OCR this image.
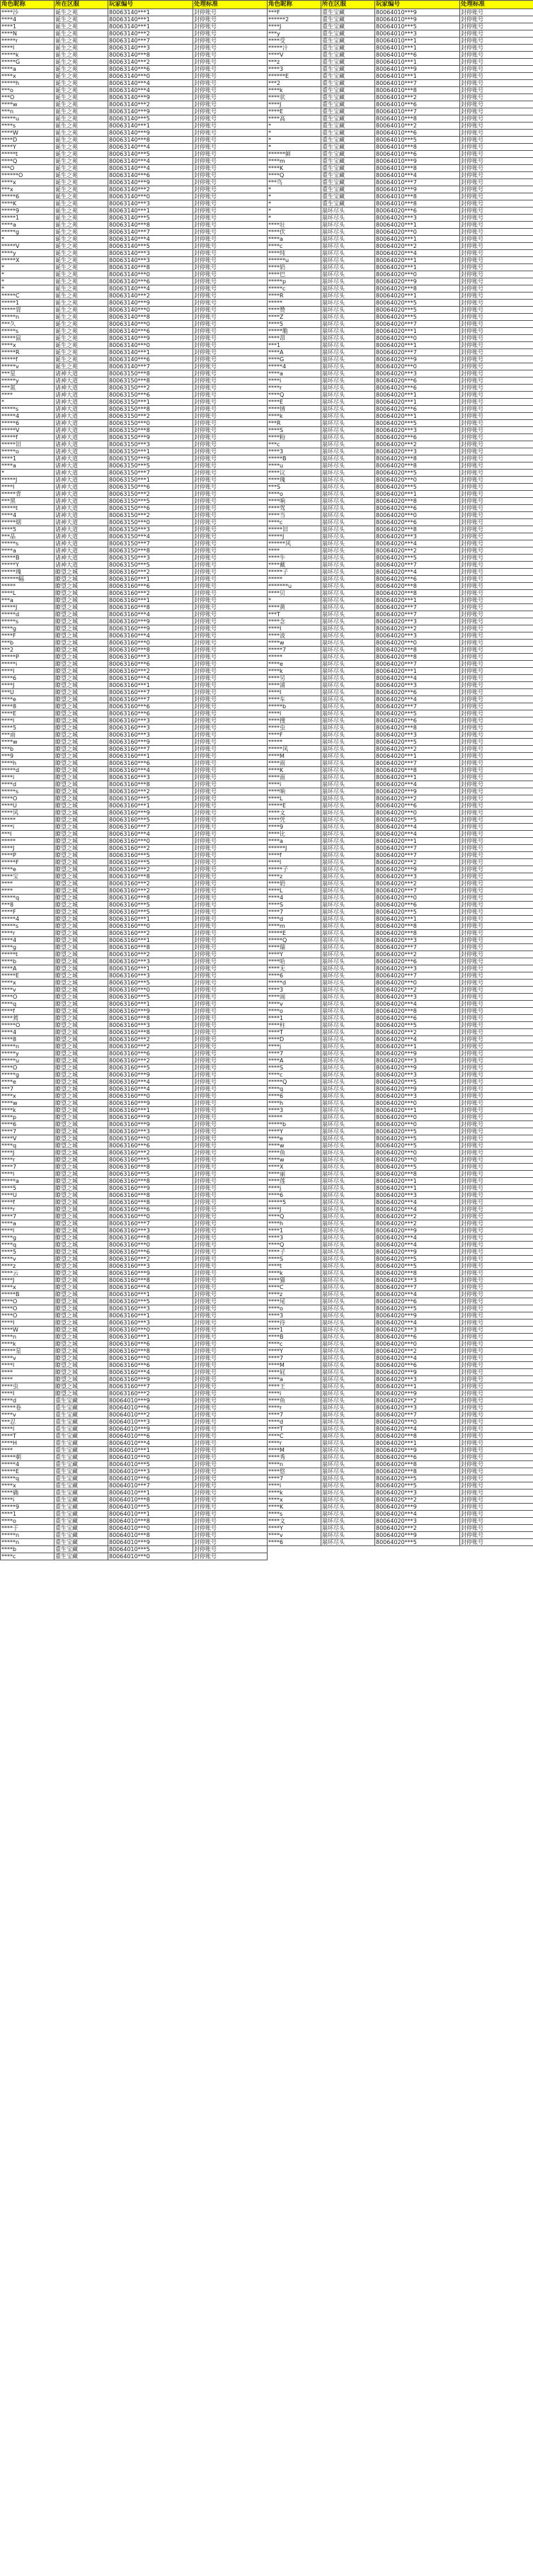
角色昵称	所在区服	玩家编号	处理标准
****沙	诞生之苑	80063140***1	封停账号
****4	诞生之苑	80063140***1	封停账号
****1	诞生之苑	80063140***1	封停账号
****N	诞生之苑	80063140***2	封停账号
*****r	诞生之苑	80063140***7	封停账号
****l	诞生之苑	80063140***3	封停账号
*****k	诞生之苑	80063140***8	封停账号
*****G	诞生之苑	80063140***2	封停账号
****a	诞生之苑	80063140***6	封停账号
****x	诞生之苑	80063140***0	封停账号
*****h	诞生之苑	80063140***4	封停账号
***o	诞生之苑	80063140***4	封停账号
***O	诞生之苑	80063140***9	封停账号
****w	诞生之苑	80063140***2	封停账号
***n	诞生之苑	80063140***9	封停账号
*****u	诞生之苑	80063140***5	封停账号
****s	诞生之苑	80063140***1	封停账号
****W	诞生之苑	80063140***9	封停账号
****D	诞生之苑	80063140***8	封停账号
****Y	诞生之苑	80063140***4	封停账号
*****t	诞生之苑	80063140***5	封停账号
****Q	诞生之苑	80063140***4	封停账号
***O	诞生之苑	80063140***4	封停账号
******O	诞生之苑	80063140***6	封停账号
****x	诞生之苑	80063140***9	封停账号
***x	诞生之苑	80063140***2	封停账号
*****6	诞生之苑	80063140***0	封停账号
****K	诞生之苑	80063140***3	封停账号
*****9	诞生之苑	80063140***1	封停账号
*****1	诞生之苑	80063140***5	封停账号
****a	诞生之苑	80063140***8	封停账号
*****g	诞生之苑	80063140***7	封停账号
*	诞生之苑	80063140***4	封停账号
*****V	诞生之苑	80063140***5	封停账号
****y	诞生之苑	80063140***3	封停账号
*****X	诞生之苑	80063140***3	封停账号
*	诞生之苑	80063140***8	封停账号
*	诞生之苑	80063140***0	封停账号
*	诞生之苑	80063140***6	封停账号
*	诞生之苑	80063140***4	封停账号
*****C	诞生之苑	80063140***2	封停账号
*****1	诞生之苑	80063140***9	封停账号
*****胃	诞生之苑	80063140***0	封停账号
*****n	诞生之苑	80063140***8	封停账号
***久	诞生之苑	80063140***0	封停账号
*****s	诞生之苑	80063140***6	封停账号
*****鼠	诞生之苑	80063140***9	封停账号
****x	诞生之苑	80063140***0	封停账号
*****R	诞生之苑	80063140***1	封停账号
*****f	诞生之苑	80063140***6	封停账号
*****v	诞生之苑	80063140***7	封停账号
***星	诸神大道	80063150***8	封停账号
*****y	诸神大道	80063150***8	封停账号
***氮	诸神大道	80063150***2	封停账号
****	诸神大道	80063150***6	封停账号
*	诸神大道	80063150***1	封停账号
*****s	诸神大道	80063150***8	封停账号
*****4	诸神大道	80063150***2	封停账号
*****6	诸神大道	80063150***0	封停账号
*****V	诸神大道	80063150***8	封停账号
*****f	诸神大道	80063150***9	封停账号
*****旧	诸神大道	80063150***3	封停账号
*****o	诸神大道	80063150***1	封停账号
****1	诸神大道	80063150***9	封停账号
****a	诸神大道	80063150***5	封停账号
*	诸神大道	80063150***7	封停账号
*****J	诸神大道	80063150***1	封停账号
****I	诸神大道	80063150***6	封停账号
*****背	诸神大道	80063150***2	封停账号
***黑	诸神大道	80063150***5	封停账号
*****t	诸神大道	80063150***6	封停账号
****4	诸神大道	80063150***2	封停账号
*****烟	诸神大道	80063150***0	封停账号
****5	诸神大道	80063150***3	封停账号
***品	诸神大道	80063150***4	封停账号
*****s	诸神大道	80063150***7	封停账号
****a	诸神大道	80063150***8	封停账号
*****B	诸神大道	80063150***3	封停账号
*****Y	诸神大道	80063150***5	封停账号
*****瑰	瞭望之城	80063160***2	封停账号
******幅	瞭望之城	80063160***1	封停账号
*****	瞭望之城	80063160***6	封停账号
****L	瞭望之城	80063160***2	封停账号
***a	瞭望之城	80063160***1	封停账号
*****J	瞭望之城	80063160***8	封停账号
*****d	瞭望之城	80063160***4	封停账号
*****s	瞭望之城	80063160***9	封停账号
****g	瞭望之城	80063160***9	封停账号
****F	瞭望之城	80063160***4	封停账号
***b	瞭望之城	80063160***0	封停账号
***2	瞭望之城	80063160***8	封停账号
*****P	瞭望之城	80063160***3	封停账号
*****i	瞭望之城	80063160***6	封停账号
****I	瞭望之城	80063160***2	封停账号
****6	瞭望之城	80063160***4	封停账号
****J	瞭望之城	80063160***1	封停账号
***U	瞭望之城	80063160***7	封停账号
****e	瞭望之城	80063160***7	封停账号
****8	瞭望之城	80063160***6	封停账号
****E	瞭望之城	80063160***6	封停账号
****l	瞭望之城	80063160***3	封停账号
****5	瞭望之城	80063160***3	封停账号
***雨	瞭望之城	80063160***3	封停账号
****w	瞭望之城	80063160***9	封停账号
***b	瞭望之城	80063160***7	封停账号
***9	瞭望之城	80063160***1	封停账号
****h	瞭望之城	80063160***6	封停账号
*****d	瞭望之城	80063160***4	封停账号
****i	瞭望之城	80063160***3	封停账号
****d	瞭望之城	80063160***8	封停账号
*****s	瞭望之城	80063160***2	封停账号
****O	瞭望之城	80063160***5	封停账号
****U	瞭望之城	80063160***1	封停账号
****风	瞭望之城	80063160***9	封停账号
*****	瞭望之城	80063160***5	封停账号
****i	瞭望之城	80063160***7	封停账号
***I	瞭望之城	80063160***4	封停账号
*****	瞭望之城	80063160***0	封停账号
****J	瞭望之城	80063160***2	封停账号
****P	瞭望之城	80063160***5	封停账号
*****F	瞭望之城	80063160***5	封停账号
****e	瞭望之城	80063160***2	封停账号
****宝	瞭望之城	80063160***8	封停账号
****	瞭望之城	80063160***2	封停账号
****	瞭望之城	80063160***2	封停账号
*****q	瞭望之城	80063160***8	封停账号
***8	瞭望之城	80063160***5	封停账号
****F	瞭望之城	80063160***5	封停账号
*****4	瞭望之城	80063160***1	封停账号
*****s	瞭望之城	80063160***0	封停账号
****r	瞭望之城	80063160***2	封停账号
****4	瞭望之城	80063160***1	封停账号
****g	瞭望之城	80063160***8	封停账号
*****t	瞭望之城	80063160***2	封停账号
****b	瞭望之城	80063160***3	封停账号
****A	瞭望之城	80063160***1	封停账号
*****E	瞭望之城	80063160***3	封停账号
****x	瞭望之城	80063160***5	封停账号
****v	瞭望之城	80063160***0	封停账号
****O	瞭望之城	80063160***5	封停账号
****q	瞭望之城	80063160***1	封停账号
****f	瞭望之城	80063160***9	封停账号
****蔫	瞭望之城	80063160***8	封停账号
*****O	瞭望之城	80063160***3	封停账号
****4	瞭望之城	80063160***8	封停账号
****8	瞭望之城	80063160***2	封停账号
*****n	瞭望之城	80063160***2	封停账号
*****y	瞭望之城	80063160***6	封停账号
*****u	瞭望之城	80063160***2	封停账号
****O	瞭望之城	80063160***5	封停账号
*****g	瞭望之城	80063160***9	封停账号
****e	瞭望之城	80063160***4	封停账号
***7	瞭望之城	80063160***4	封停账号
****x	瞭望之城	80063160***0	封停账号
****w	瞭望之城	80063160***9	封停账号
****k	瞭望之城	80063160***1	封停账号
****p	瞭望之城	80063160***9	封停账号
****6	瞭望之城	80063160***9	封停账号
****7	瞭望之城	80063160***3	封停账号
****V	瞭望之城	80063160***0	封停账号
****q	瞭望之城	80063160***6	封停账号
****J	瞭望之城	80063160***2	封停账号
****r	瞭望之城	80063160***5	封停账号
****7	瞭望之城	80063160***8	封停账号
****l	瞭望之城	80063160***5	封停账号
*****a	瞭望之城	80063160***8	封停账号
****5	瞭望之城	80063160***9	封停账号
****U	瞭望之城	80063160***8	封停账号
****f	瞭望之城	80063160***8	封停账号
****r	瞭望之城	80063160***6	封停账号
****7	瞭望之城	80063160***0	封停账号
****a	瞭望之城	80063160***7	封停账号
****l	瞭望之城	80063160***3	封停账号
****g	瞭望之城	80063160***8	封停账号
****q	瞭望之城	80063160***0	封停账号
****5	瞭望之城	80063160***6	封停账号
****v	瞭望之城	80063160***2	封停账号
****z	瞭望之城	80063160***3	封停账号
****云	瞭望之城	80063160***9	封停账号
****J	瞭望之城	80063160***8	封停账号
****x	瞭望之城	80063160***4	封停账号
*****B	瞭望之城	80063160***1	封停账号
****O	瞭望之城	80063160***5	封停账号
****O	瞭望之城	80063160***3	封停账号
****O	瞭望之城	80063160***1	封停账号
****I	瞭望之城	80063160***3	封停账号
****W	瞭望之城	80063160***0	封停账号
****n	瞭望之城	80063160***1	封停账号
****k	瞭望之城	80063160***6	封停账号
*****星	瞭望之城	80063160***8	封停账号
****v	瞭望之城	80063160***0	封停账号
****l	瞭望之城	80063160***6	封停账号
****	瞭望之城	80063160***4	封停账号
****	瞭望之城	80063160***9	封停账号
****虫	瞭望之城	80063160***7	封停账号
****I	瞭望之城	80063160***2	封停账号
****d	重生宝藏	80064010***9	封停账号
*****卷	重生宝藏	80064010***6	封停账号
****v	重生宝藏	80064010***2	封停账号
***忍	重生宝藏	80064010***3	封停账号
****l	重生宝藏	80064010***9	封停账号
****T	重生宝藏	80064010***6	封停账号
****H	重生宝藏	80064010***4	封停账号
****	重生宝藏	80064010***1	封停账号
*****朝	重生宝藏	80064010***0	封停账号
*****4	重生宝藏	80064010***5	封停账号
*****E	重生宝藏	80064010***3	封停账号
*****q	重生宝藏	80064010***6	封停账号
****x	重生宝藏	80064010***7	封停账号
****确	重生宝藏	80064010***1	封停账号
****i	重生宝藏	80064010***8	封停账号
*****9	重生宝藏	80064010***5	封停账号
****1	重生宝藏	80064010***1	封停账号
****o	重生宝藏	80064010***8	封停账号
****于	重生宝藏	80064010***0	封停账号
*****n	重生宝藏	80064010***8	封停账号
*****n	重生宝藏	80064010***9	封停账号
****b	重生宝藏	80064010***5	封停账号
****c	重生宝藏	80064010***0	封停账号
角色昵称	所在区服	玩家编号	处理标准
***F	重生宝藏	80064010***9	封停账号
******2	重生宝藏	80064010***9	封停账号
****J	重生宝藏	80064010***5	封停账号
***y	重生宝藏	80064010***3	封停账号
****受	重生宝藏	80064010***1	封停账号
*****汁	重生宝藏	80064010***1	封停账号
****V	重生宝藏	80064010***6	封停账号
***z	重生宝藏	80064010***1	封停账号
****3	重生宝藏	80064010***9	封停账号
******E	重生宝藏	80064010***1	封停账号
***2	重生宝藏	80064010***7	封停账号
****k	重生宝藏	80064010***8	封停账号
****状	重生宝藏	80064010***2	封停账号
****J	重生宝藏	80064010***6	封停账号
****E	重生宝藏	80064010***7	封停账号
****高	重生宝藏	80064010***8	封停账号
*	重生宝藏	80064010***2	封停账号
*	重生宝藏	80064010***6	封停账号
*	重生宝藏	80064010***5	封停账号
*	重生宝藏	80064010***8	封停账号
******鲜	重生宝藏	80064010***6	封停账号
****m	重生宝藏	80064010***9	封停账号
****K	重生宝藏	80064010***8	封停账号
****Q	重生宝藏	80064010***4	封停账号
***鸟	重生宝藏	80064010***7	封停账号
*	重生宝藏	80064010***9	封停账号
*	重生宝藏	80064010***8	封停账号
*	重生宝藏	80064010***8	封停账号
*	崩坏尽头	80064020***6	封停账号
*	崩坏尽头	80064020***3	封停账号
****壮	崩坏尽头	80064020***1	封停账号
****伏	崩坏尽头	80064020***0	封停账号
****a	崩坏尽头	80064020***1	封停账号
****c	崩坏尽头	80064020***2	封停账号
****纯	崩坏尽头	80064020***4	封停账号
******u	崩坏尽头	80064020***1	封停账号
****奶	崩坏尽头	80064020***1	封停账号
****巴	崩坏尽头	80064020***0	封停账号
*****p	崩坏尽头	80064020***9	封停账号
*****c	崩坏尽头	80064020***8	封停账号
****R	崩坏尽头	80064020***1	封停账号
*****	崩坏尽头	80064020***5	封停账号
****赞	崩坏尽头	80064020***5	封停账号
****Z	崩坏尽头	80064020***5	封停账号
****5	崩坏尽头	80064020***7	封停账号
*****脆	崩坏尽头	80064020***1	封停账号
****昂	崩坏尽头	80064020***0	封停账号
***1	崩坏尽头	80064020***1	封停账号
****A	崩坏尽头	80064020***7	封停账号
****G	崩坏尽头	80064020***9	封停账号
*****4	崩坏尽头	80064020***0	封停账号
****a	崩坏尽头	80064020***3	封停账号
****i	崩坏尽头	80064020***6	封停账号
****r	崩坏尽头	80064020***6	封停账号
****Q	崩坏尽头	80064020***1	封停账号
****E	崩坏尽头	80064020***1	封停账号
****情	崩坏尽头	80064020***6	封停账号
****k	崩坏尽头	80064020***1	封停账号
***R	崩坏尽头	80064020***5	封停账号
****S	崩坏尽头	80064020***3	封停账号
****粉	崩坏尽头	80064020***6	封停账号
***c	崩坏尽头	80064020***2	封停账号
****3	崩坏尽头	80064020***3	封停账号
*****B	崩坏尽头	80064020***8	封停账号
****u	崩坏尽头	80064020***8	封停账号
****议	崩坏尽头	80064020***5	封停账号
****瑰	崩坏尽头	80064020***0	封停账号
***S	崩坏尽头	80064020***5	封停账号
****o	崩坏尽头	80064020***1	封停账号
****响	崩坏尽头	80064020***8	封停账号
****驾	崩坏尽头	80064020***6	封停账号
****当	崩坏尽头	80064020***0	封停账号
****c	崩坏尽头	80064020***6	封停账号
*****旧	崩坏尽头	80064020***8	封停账号
*****J	崩坏尽头	80064020***3	封停账号
******风	崩坏尽头	80064020***4	封停账号
****	崩坏尽头	80064020***2	封停账号
****牛	崩坏尽头	80064020***5	封停账号
****戴	崩坏尽头	80064020***7	封停账号
*****子	崩坏尽头	80064020***4	封停账号
*****	崩坏尽头	80064020***6	封停账号
*******u	崩坏尽头	80064020***8	封停账号
****贝	崩坏尽头	80064020***8	封停账号
*	崩坏尽头	80064020***1	封停账号
****黄	崩坏尽头	80064020***7	封停账号
***T	崩坏尽头	80064020***7	封停账号
****念	崩坏尽头	80064020***3	封停账号
****I	崩坏尽头	80064020***2	封停账号
****波	崩坏尽头	80064020***3	封停账号
****w	崩坏尽头	80064020***0	封停账号
*****7	崩坏尽头	80064020***8	封停账号
*****	崩坏尽头	80064020***8	封停账号
****e	崩坏尽头	80064020***7	封停账号
****k	崩坏尽头	80064020***1	封停账号
****另	崩坏尽头	80064020***4	封停账号
****浦	崩坏尽头	80064020***3	封停账号
****I	崩坏尽头	80064020***6	封停账号
****车	崩坏尽头	80064020***4	封停账号
*****b	崩坏尽头	80064020***7	封停账号
****l	崩坏尽头	80064020***5	封停账号
****搜	崩坏尽头	80064020***6	封停账号
****虫	崩坏尽头	80064020***8	封停账号
****F	崩坏尽头	80064020***3	封停账号
*****	崩坏尽头	80064020***5	封停账号
*****风	崩坏尽头	80064020***2	封停账号
****M	崩坏尽头	80064020***1	封停账号
****雨	崩坏尽头	80064020***7	封停账号
****K	崩坏尽头	80064020***8	封停账号
****面	崩坏尽头	80064020***1	封停账号
****i	崩坏尽头	80064020***4	封停账号
****响	崩坏尽头	80064020***9	封停账号
****L	崩坏尽头	80064020***2	封停账号
*****E	崩坏尽头	80064020***6	封停账号
****文	崩坏尽头	80064020***0	封停账号
****凭	崩坏尽头	80064020***5	封停账号
****9	崩坏尽头	80064020***4	封停账号
****比	崩坏尽头	80064020***4	封停账号
****a	崩坏尽头	80064020***1	封停账号
******J	崩坏尽头	80064020***7	封停账号
****f	崩坏尽头	80064020***7	封停账号
****l	崩坏尽头	80064020***2	封停账号
*****子	崩坏尽头	80064020***9	封停账号
****z	崩坏尽头	80064020***3	封停账号
****奶	崩坏尽头	80064020***2	封停账号
****L	崩坏尽头	80064020***7	封停账号
****4	崩坏尽头	80064020***0	封停账号
****S	崩坏尽头	80064020***6	封停账号
****7	崩坏尽头	80064020***5	封停账号
****d	崩坏尽头	80064020***1	封停账号
****m	崩坏尽头	80064020***8	封停账号
*****E	崩坏尽头	80064020***8	封停账号
*****Q	崩坏尽头	80064020***3	封停账号
****瑞	崩坏尽头	80064020***7	封停账号
****Y	崩坏尽头	80064020***2	封停账号
****哈	崩坏尽头	80064020***6	封停账号
****无	崩坏尽头	80064020***3	封停账号
****6	崩坏尽头	80064020***7	封停账号
*****d	崩坏尽头	80064020***0	封停账号
****3	崩坏尽头	80064020***2	封停账号
****闹	崩坏尽头	80064020***3	封停账号
****v	崩坏尽头	80064020***4	封停账号
****o	崩坏尽头	80064020***8	封停账号
****1	崩坏尽头	80064020***6	封停账号
****柱	崩坏尽头	80064020***5	封停账号
****T	崩坏尽头	80064020***2	封停账号
****D	崩坏尽头	80064020***4	封停账号
****j	崩坏尽头	80064020***1	封停账号
****7	崩坏尽头	80064020***9	封停账号
****A	崩坏尽头	80064020***3	封停账号
****S	崩坏尽头	80064020***9	封停账号
****c	崩坏尽头	80064020***3	封停账号
*****Q	崩坏尽头	80064020***5	封停账号
****q	崩坏尽头	80064020***9	封停账号
****6	崩坏尽头	80064020***3	封停账号
****h	崩坏尽头	80064020***0	封停账号
****3	崩坏尽头	80064020***1	封停账号
*****	崩坏尽头	80064020***0	封停账号
*****b	崩坏尽头	80064020***0	封停账号
****Y	崩坏尽头	80064020***5	封停账号
****e	崩坏尽头	80064020***5	封停账号
****w	崩坏尽头	80064020***5	封停账号
****鱼	崩坏尽头	80064020***0	封停账号
****w	崩坏尽头	80064020***0	封停账号
****X	崩坏尽头	80064020***5	封停账号
****丽	崩坏尽头	80064020***8	封停账号
****莲	崩坏尽头	80064020***1	封停账号
****j	崩坏尽头	80064020***1	封停账号
****6	崩坏尽头	80064020***3	封停账号
*****5	崩坏尽头	80064020***4	封停账号
****J	崩坏尽头	80064020***4	封停账号
****Q	崩坏尽头	80064020***2	封停账号
****h	崩坏尽头	80064020***2	封停账号
****1	崩坏尽头	80064020***9	封停账号
****3	崩坏尽头	80064020***4	封停账号
****Q	崩坏尽头	80064020***4	封停账号
****子	崩坏尽头	80064020***9	封停账号
****S	崩坏尽头	80064020***5	封停账号
****t	崩坏尽头	80064020***5	封停账号
****k	崩坏尽头	80064020***8	封停账号
****猫	崩坏尽头	80064020***3	封停账号
****C	崩坏尽头	80064020***7	封停账号
****z	崩坏尽头	80064020***4	封停账号
****尾	崩坏尽头	80064020***6	封停账号
****o	崩坏尽头	80064020***5	封停账号
****3	崩坏尽头	80064020***9	封停账号
****待	崩坏尽头	80064020***4	封停账号
****1	崩坏尽头	80064020***3	封停账号
****B	崩坏尽头	80064020***6	封停账号
****c	崩坏尽头	80064020***0	封停账号
****Y	崩坏尽头	80064020***2	封停账号
****7	崩坏尽头	80064020***4	封停账号
****M	崩坏尽头	80064020***6	封停账号
****屁	崩坏尽头	80064020***9	封停账号
****a	崩坏尽头	80064020***3	封停账号
****王	崩坏尽头	80064020***1	封停账号
****i	崩坏尽头	80064020***9	封停账号
****鱼	崩坏尽头	80064020***2	封停账号
****r	崩坏尽头	80064020***3	封停账号
****7	崩坏尽头	80064020***7	封停账号
****d	崩坏尽头	80064020***0	封停账号
****T	崩坏尽头	80064020***4	封停账号
****C	崩坏尽头	80064020***8	封停账号
****r	崩坏尽头	80064020***1	封停账号
****M	崩坏尽头	80064020***9	封停账号
****秀	崩坏尽头	80064020***6	封停账号
****n	崩坏尽头	80064020***8	封停账号
****悠	崩坏尽头	80064020***8	封停账号
****7	崩坏尽头	80064020***5	封停账号
****i	崩坏尽头	80064020***5	封停账号
****k	崩坏尽头	80064020***3	封停账号
****x	崩坏尽头	80064020***2	封停账号
****K	崩坏尽头	80064020***9	封停账号
****s	崩坏尽头	80064020***4	封停账号
****文	崩坏尽头	80064020***3	封停账号
****Y	崩坏尽头	80064020***2	封停账号
****v	崩坏尽头	80064020***9	封停账号
****6	崩坏尽头	80064020***5	封停账号
